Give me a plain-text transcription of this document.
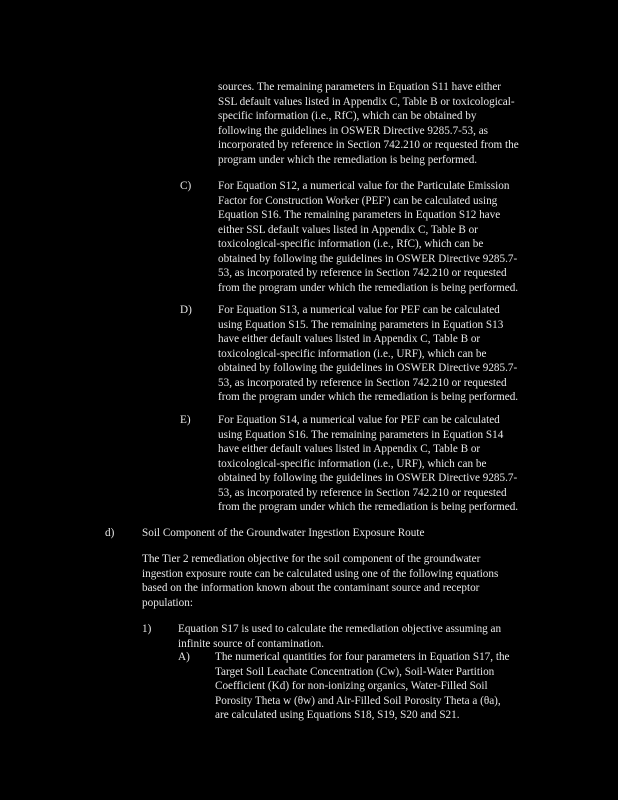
sources. The remaining parameters in Equation S11 have either
SSL default values listed in Appendix C, Table B or toxicological-
specific information (i.e., RfC), which can be obtained by
following the guidelines in OSWER Directive 9285.7-53, as
incorporated by reference in Section 742.210 or requested from the
program under which the remediation is being performed.
C) For Equation S12, a numerical value for the Particulate Emission
Factor for Construction Worker (PEF') can be calculated using
Equation S16. The remaining parameters in Equation S12 have
either SSL default values listed in Appendix C, Table B or
toxicological-specific information (i.e., RfC), which can be
obtained by following the guidelines in OSWER Directive 9285.7-
53, as incorporated by reference in Section 742.210 or requested
from the program under which the remediation is being performed.
D) For Equation S13, a numerical value for PEF can be calculated
using Equation S15. The remaining parameters in Equation S13
have either default values listed in Appendix C, Table B or
toxicological-specific information (i.e., URF), which can be
obtained by following the guidelines in OSWER Directive 9285.7-
53, as incorporated by reference in Section 742.210 or requested
from the program under which the remediation is being performed.
E) For Equation S14, a numerical value for PEF can be calculated
using Equation S16. The remaining parameters in Equation S14
have either default values listed in Appendix C, Table B or
toxicological-specific information (i.e., URF), which can be
obtained by following the guidelines in OSWER Directive 9285.7-
53, as incorporated by reference in Section 742.210 or requested
from the program under which the remediation is being performed.
d) Soil Component of the Groundwater Ingestion Exposure Route
The Tier 2 remediation objective for the soil component of the groundwater
ingestion exposure route can be calculated using one of the following equations
based on the information known about the contaminant source and receptor
population:
1) Equation S17 is used to calculate the remediation objective assuming an
infinite source of contamination.
A) The numerical quantities for four parameters in Equation S17, the
Target Soil Leachate Concentration (Cw), Soil-Water Partition
Coefficient (Kd) for non-ionizing organics, Water-Filled Soil
Porosity Theta w (θw) and Air-Filled Soil Porosity Theta a (θa),
are calculated using Equations S18, S19, S20 and S21.
